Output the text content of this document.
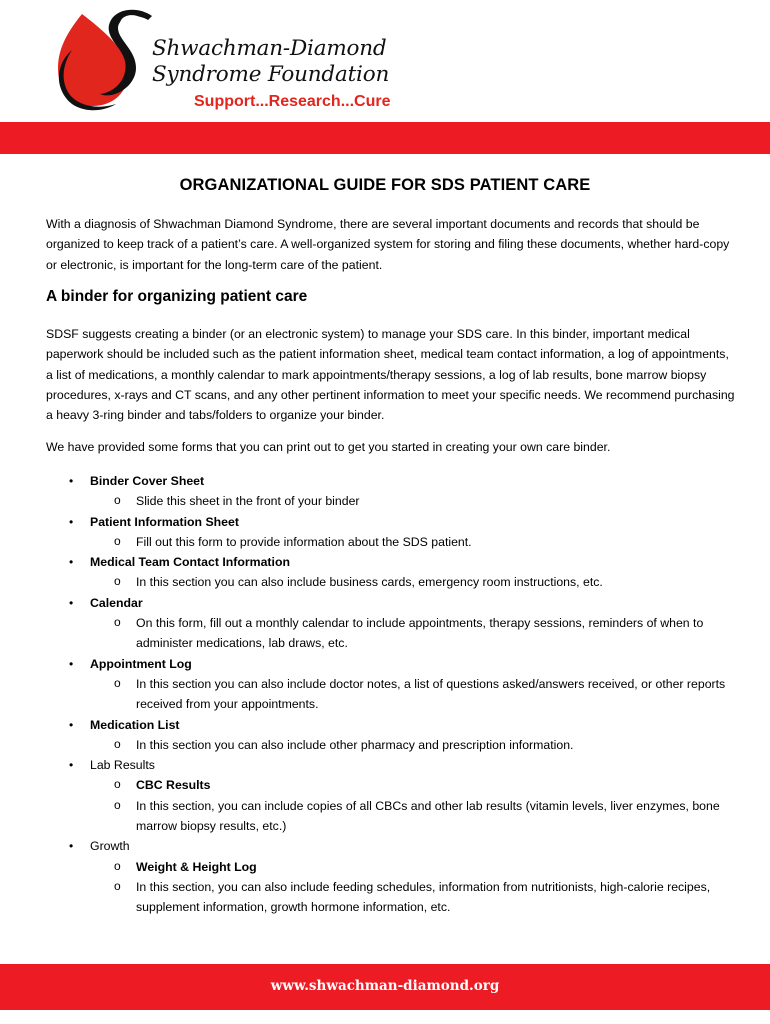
Shwachman-Diamond
Syndrome Foundation
Support...Research...Cure
ORGANIZATIONAL GUIDE FOR SDS PATIENT CARE

With a diagnosis of Shwachman Diamond Syndrome, there are several important documents and records that should be organized to keep track of a patient’s care. A well-organized system for storing and filing these documents, whether hard-copy or electronic, is important for the long-term care of the patient.

A binder for organizing patient care

SDSF suggests creating a binder (or an electronic system) to manage your SDS care. In this binder, important medical paperwork should be included such as the patient information sheet, medical team contact information, a log of appointments, a list of medications, a monthly calendar to mark appointments/therapy sessions, a log of lab results, bone marrow biopsy procedures, x-rays and CT scans, and any other pertinent information to meet your specific needs. We recommend purchasing a heavy 3-ring binder and tabs/folders to organize your binder.

We have provided some forms that you can print out to get you started in creating your own care binder.

• Binder Cover Sheet
o Slide this sheet in the front of your binder
• Patient Information Sheet
o Fill out this form to provide information about the SDS patient.
• Medical Team Contact Information
o In this section you can also include business cards, emergency room instructions, etc.
• Calendar
o On this form, fill out a monthly calendar to include appointments, therapy sessions, reminders of when to administer medications, lab draws, etc.
• Appointment Log
o In this section you can also include doctor notes, a list of questions asked/answers received, or other reports received from your appointments.
• Medication List
o In this section you can also include other pharmacy and prescription information.
• Lab Results
o CBC Results
o In this section, you can include copies of all CBCs and other lab results (vitamin levels, liver enzymes, bone marrow biopsy results, etc.)
• Growth
o Weight & Height Log
o In this section, you can also include feeding schedules, information from nutritionists, high-calorie recipes, supplement information, growth hormone information, etc.
www.shwachman-diamond.org
